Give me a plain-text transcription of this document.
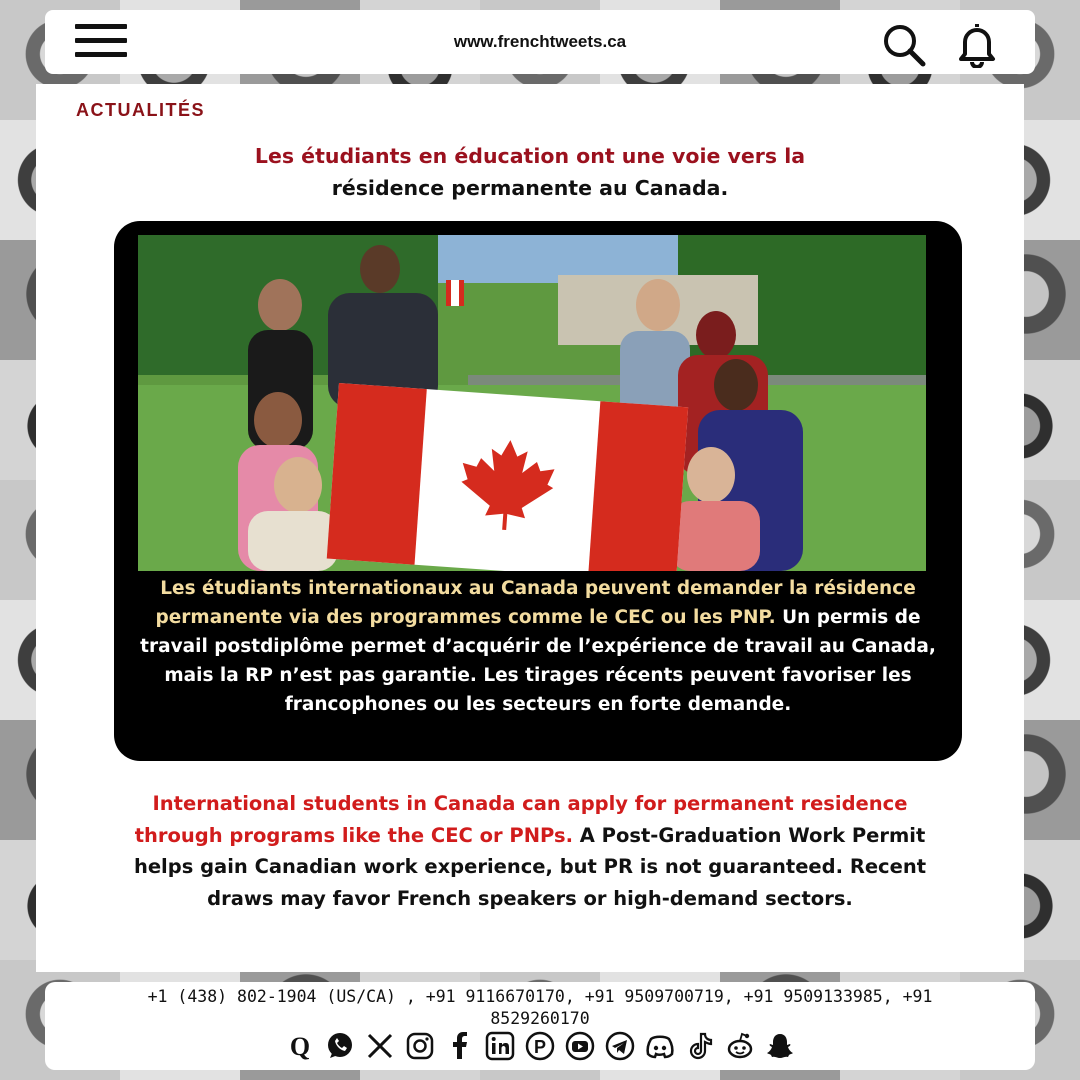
www.frenchtweets.ca
ACTUALITÉS
Les étudiants en éducation ont une voie vers la
résidence permanente au Canada.
Les étudiants internationaux au Canada peuvent demander la résidence permanente via des programmes comme le CEC ou les PNP. Un permis de travail postdiplôme permet d’acquérir de l’expérience de travail au Canada, mais la RP n’est pas garantie. Les tirages récents peuvent favoriser les francophones ou les secteurs en forte demande.
International students in Canada can apply for permanent residence through programs like the CEC or PNPs. A Post-Graduation Work Permit helps gain Canadian work experience, but PR is not guaranteed. Recent draws may favor French speakers or high-demand sectors.
+1 (438) 802-1904 (US/CA) , +91 9116670170, +91 9509700719, +91 9509133985, +91 8529260170
Q	P
